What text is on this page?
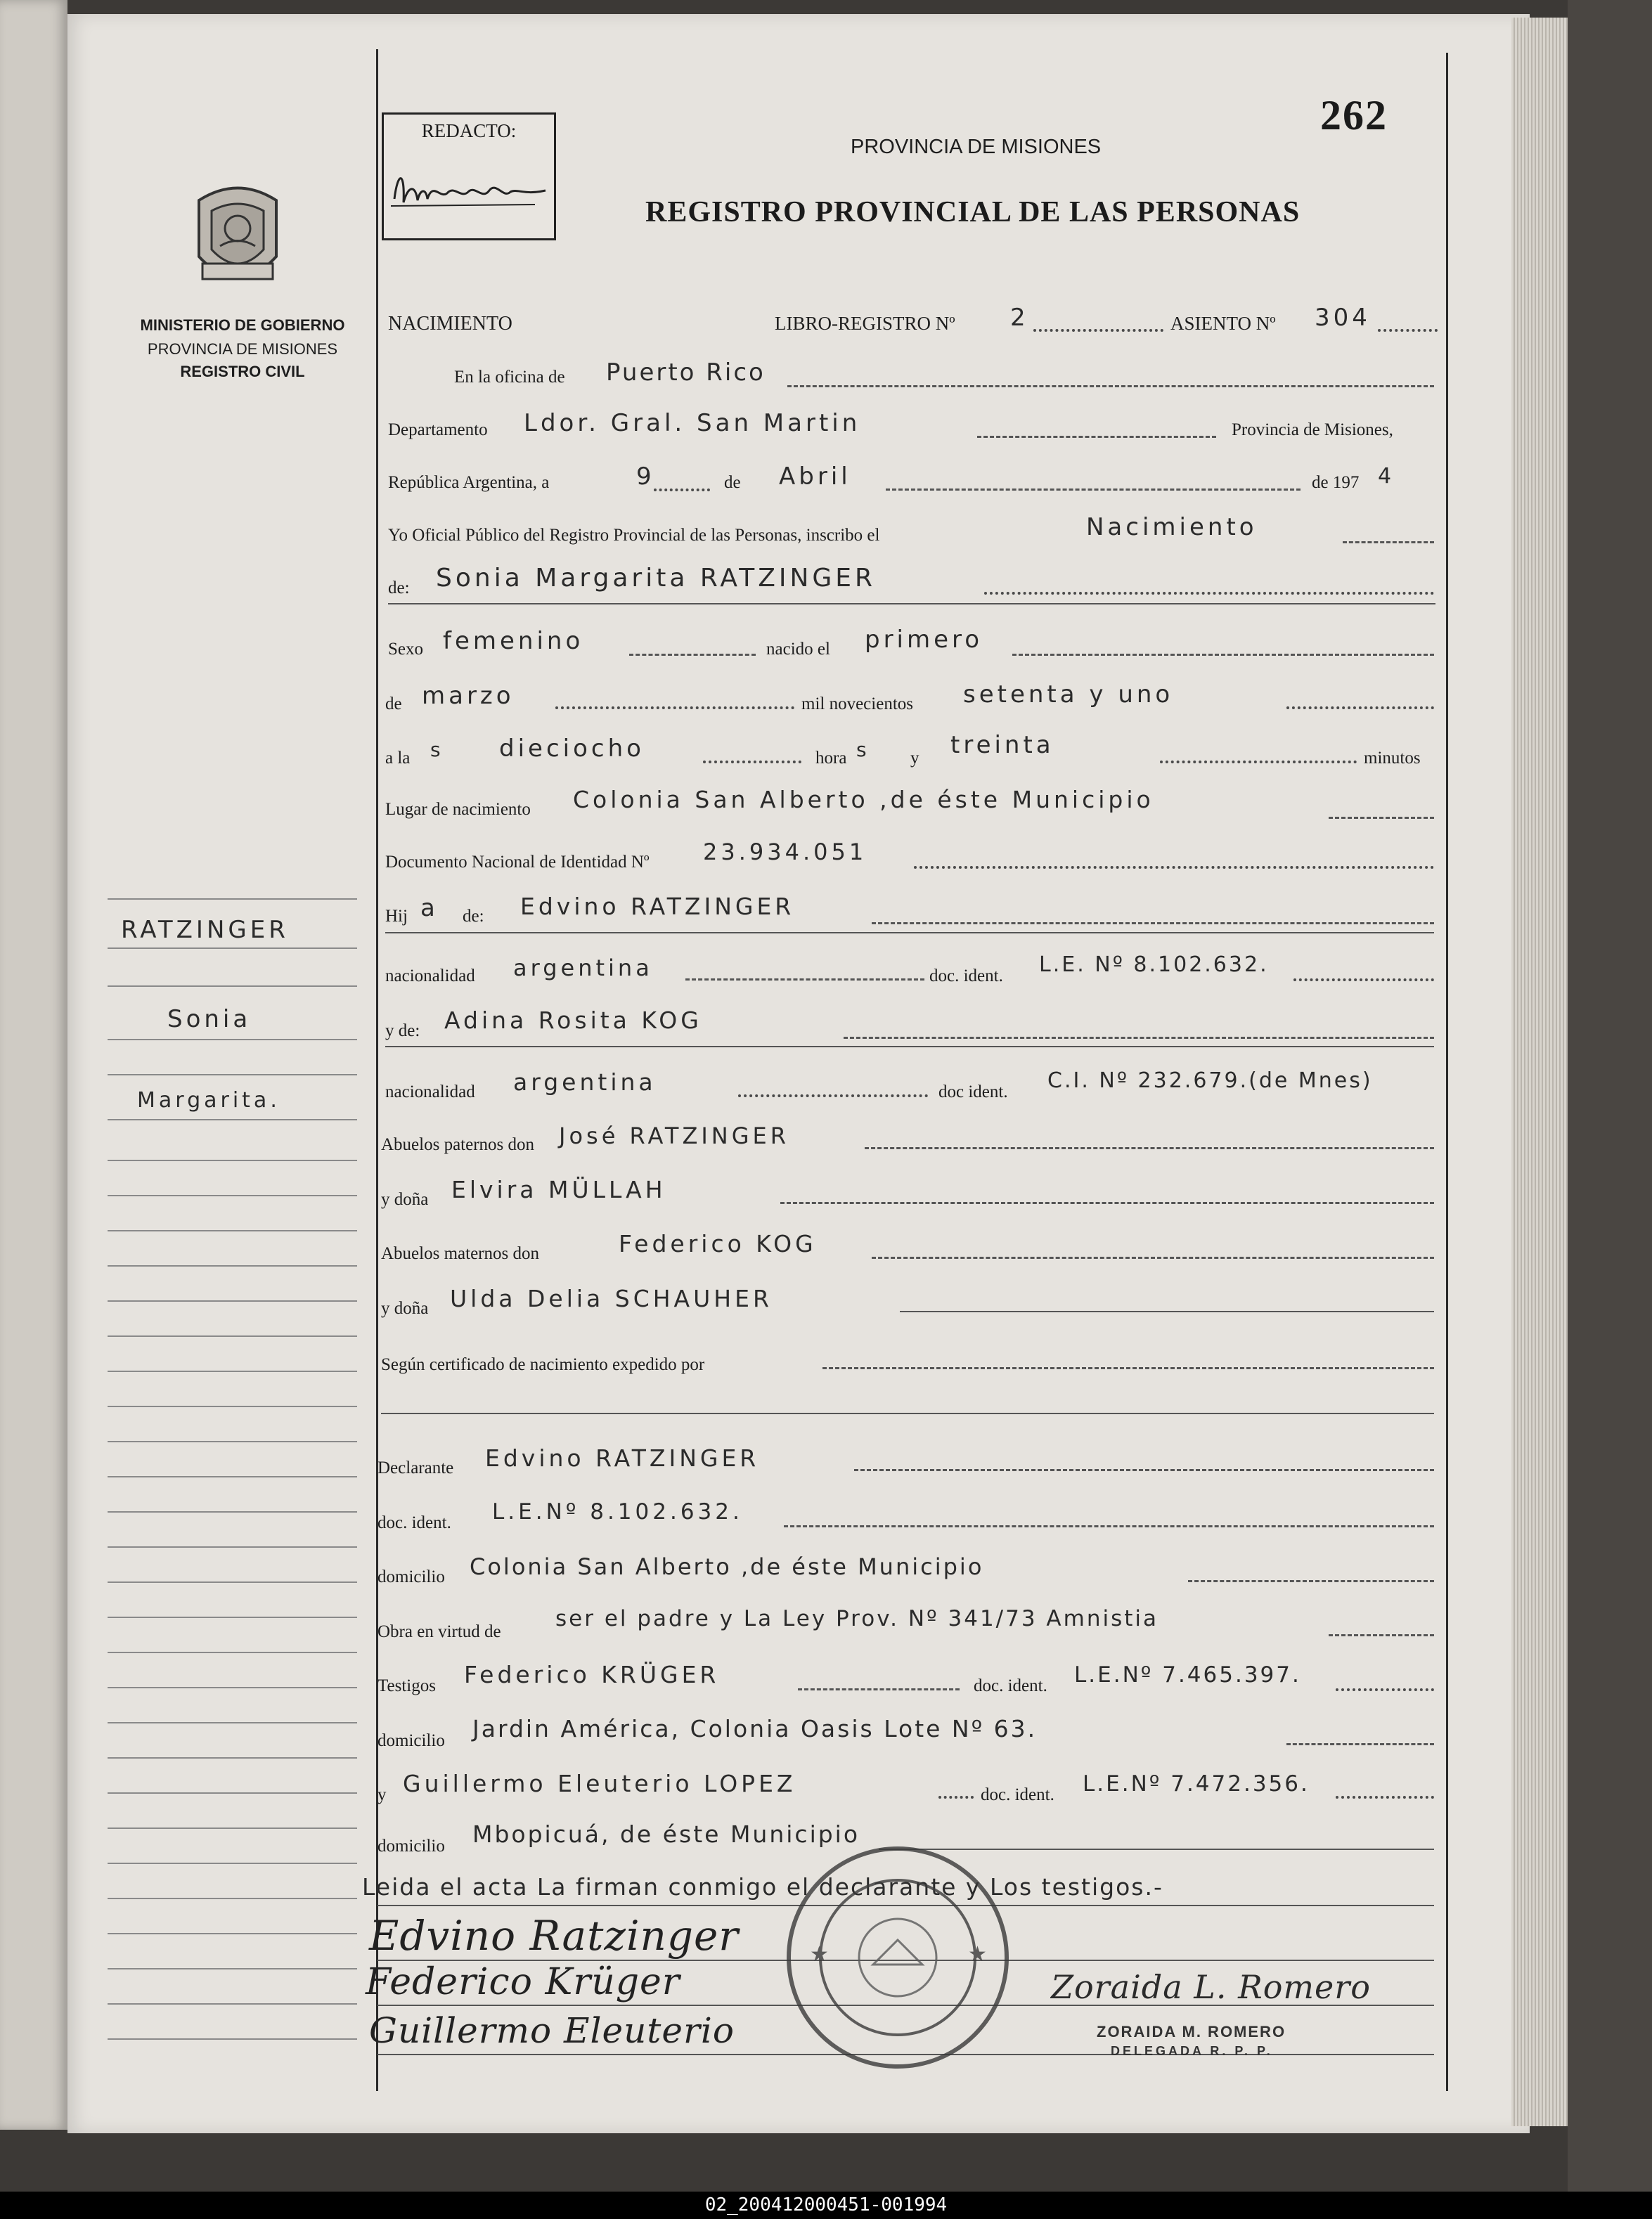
262
REDACTO:
MINISTERIO DE GOBIERNO
PROVINCIA DE MISIONES
REGISTRO CIVIL
PROVINCIA DE MISIONES
REGISTRO PROVINCIAL DE LAS PERSONAS
RATZINGER
Sonia
Margarita.
NACIMIENTO	LIBRO-REGISTRO Nº 2	ASIENTO Nº 304
En la oficina de Puerto Rico
Departamento Ldor. Gral. San Martin	Provincia de Misiones,
República Argentina, a	9	de Abril	de 197 4
Yo Oficial Público del Registro Provincial de las Personas, inscribo el	Nacimiento
de: Sonia Margarita RATZINGER
Sexo femenino	nacido el primero
de marzo	mil novecientos setenta y uno
a la s dieciocho	hora s y treinta	minutos
Lugar de nacimiento Colonia San Alberto ,de éste Municipio
Documento Nacional de Identidad Nº 23.934.051
Hij a de: Edvino RATZINGER
nacionalidad argentina	doc. ident. L.E. Nº 8.102.632.
y de: Adina Rosita KOG
nacionalidad argentina	doc ident. C.I. Nº 232.679.(de Mnes)
Abuelos paternos don José RATZINGER
y doña Elvira MÜLLAH
Abuelos maternos don	Federico KOG
y doña Ulda Delia SCHAUHER
Según certificado de nacimiento expedido por
Declarante Edvino RATZINGER
doc. ident. L.E.Nº 8.102.632.
domicilio Colonia San Alberto ,de éste Municipio
Obra en virtud de
ser el padre y La Ley Prov. Nº 341/73 Amnistia
Testigos Federico KRÜGER	doc. ident. L.E.Nº 7.465.397.
domicilio Jardin América, Colonia Oasis Lote Nº 63.
y Guillermo Eleuterio LOPEZ	doc. ident. L.E.Nº 7.472.356.
domicilio Mbopicuá, de éste Municipio
Leida el acta La firman conmigo el declarante y Los testigos.-
Edvino Ratzinger
Federico Krüger
Guillermo Eleuterio
★	★
Zoraida L. Romero
ZORAIDA M. ROMERO
DELEGADA R. P. P.
02_200412000451-001994
